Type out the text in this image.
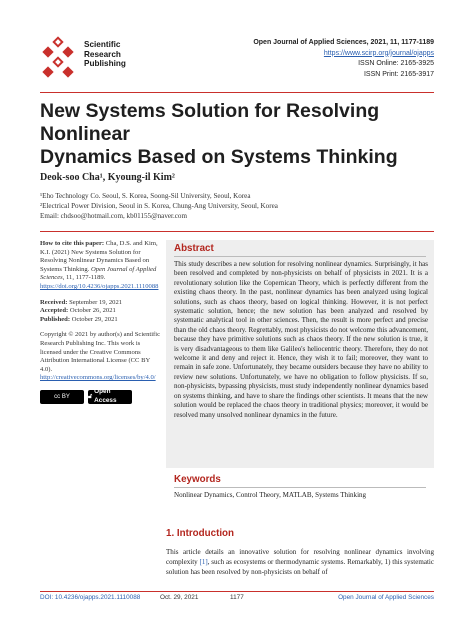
Scientific
Research
Publishing
Open Journal of Applied Sciences, 2021, 11, 1177-1189
https://www.scirp.org/journal/ojapps
ISSN Online: 2165-3925
ISSN Print: 2165-3917
New Systems Solution for Resolving Nonlinear
Dynamics Based on Systems Thinking
Deok-soo Cha¹, Kyoung-il Kim²
¹Eho Technology Co. Seoul, S. Korea, Soong-Sil University, Seoul, Korea
²Electrical Power Division, Seoul in S. Korea, Chung-Ang University, Seoul, Korea
Email: chdsoo@hotmail.com, kb01155@naver.com

How to cite this paper: Cha, D.S. and Kim, K.I. (2021) New Systems Solution for Resolving Nonlinear Dynamics Based on Systems Thinking. Open Journal of Applied Sciences, 11, 1177-1189.
https://doi.org/10.4236/ojapps.2021.1110088

Received: September 19, 2021
Accepted: October 26, 2021
Published: October 29, 2021

Copyright © 2021 by author(s) and Scientific Research Publishing Inc. This work is licensed under the Creative Commons Attribution International License (CC BY 4.0).
http://creativecommons.org/licenses/by/4.0/

cc BY	🔓︎
Open Access
Abstract
This study describes a new solution for resolving nonlinear dynamics. Surprisingly, it has been resolved and completed by non-physicists on behalf of physicists in 2021. It is a revolutionary solution like the Copernican Theory, which is perfectly different from the existing chaos theory. In the past, nonlinear dynamics has been analyzed using logical solutions, such as chaos theory, based on logical thinking. However, it is not perfect systematic solution, hence; the new solution has been analyzed and resolved by systematic analytical tool in other sciences. Then, the result is more perfect and precise than the old chaos theory. Regrettably, most physicists do not welcome this advancement, because they have primitive solutions such as chaos theory. If the new solution is true, it is very disadvantageous to them like Galileo's heliocentric theory. Therefore, they do not welcome it and deny and reject it. Hence, they wish it to fail; moreover, they want to remain in safe zone. Unfortunately, they became outsiders because they have no ability to review new solutions. Unfortunately, we have no obligation to follow physicists. If so, non-physicists, bypassing physicists, must study independently nonlinear dynamics based on systems thinking, and have to share the findings other scientists. It means that the new solution would be replaced the chaos theory in traditional physics; moreover, it would be resolved many unsolved nonlinear dynamics in the future.
Keywords
Nonlinear Dynamics, Control Theory, MATLAB, Systems Thinking
1. Introduction
This article details an innovative solution for resolving nonlinear dynamics involving complexity [1], such as ecosystems or thermodynamic systems. Remarkably, 1) this systematic solution has been resolved by non-physicists on behalf of
DOI: 10.4236/ojapps.2021.1110088	Oct. 29, 2021	1177	Open Journal of Applied Sciences
